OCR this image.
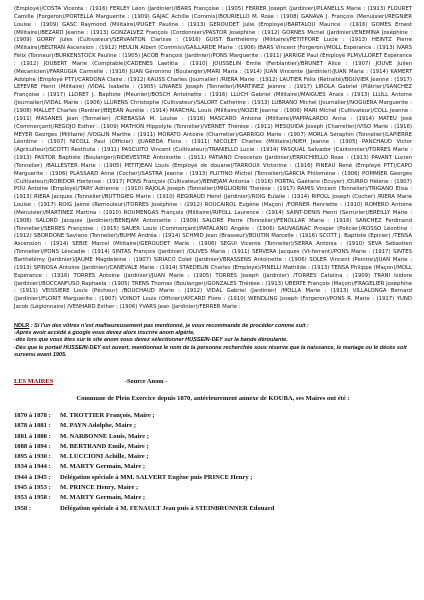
(Employé)/COSTA Vicenta : (1916) FERLEY Léon (Jardinier)/IBARS Françoise : (1905) FERRER Joseph (Jardinier)/PLANELLS Marie : (1913) FLOURET Camille (Forgeron)/PORTELLA Marguerite : (1909) GAJAC Achille (Commis)/BOURIELLO M. Rose : (1908) GANAVA J. François (Menuisier)/REGNIER Louise : (1909) GASC Raymond (Militaire)/PUGET Pauline : (1913) GEROUDET Julie (Employé)/BARTALOU Maurice : (1916) GOMES Ernest (Militaire)/BEZARD Jeanne : (1913) GONZALVEZ François (Cordonnier)/PASTOR Joséphine : (1912) GORNES Michel (Jardinier)/ENEMINA Joséphine : (1909) GORRY Jules (Cultivateur)/SERVANTON Clarisse : (1916) GUIST Barthélémy (Militaire)/PETITPORE Lucie : (1913) HEINTZ Pierre (Militaire)/BELTRAN Ascension : (1912) HEULIN Albert (Commis)/GAILLARDE Marie : (1906) IBARS Vincent (Forgeron)/MOLL Espérance : (1913) IVARS Félix (Tonneur)/BURKENSTOCK Pauline : (1905) JACOB François (Jardinier)/PONS Marguerite : (1911) JARRIGE Paul (Employé PLM)/LLORET Espérance : (1912) JOUBERT Marie (Comptable)/CADENES Laetitia : (1910) JOUSSELIN Emile (Ferblantier)/BRUNET Alice : (1907) JOUVE Julien (Mécanicien)/FARRUGIA Carmelle : (1916) JUAN Géronimo (Boulanger)/MARI Maria : (1914) JUAN Vincente (Jardinier)/JUAN Maria : (1914) KAMERT Adolphe (Employé PTT)/CARDONA Claire : (1912) KAUSS Charles (Journalier) /RIERA Marie : (1912) LAUTIER Félix (Retraité)/BOUVIER Jeanne : (1917) LEFEVRE Henri (Militaire) /VIDAL Isabelle : (1905) LINARES Joseph (Tonnelier)/MARTINEZ Jeanne : (1917) LIROLA Gabriel (Plâtrier)/SANCHEZ Françoise : (1917) LLORET J. Baptiste (Meunier)/BOSCH Antoinette : (1916) LLUCH Gabriel (Militaire)/MAIGUES Anais : (1913) LLULL Antoine (Journalier)/VIDAL Marie : (1906) LLURENS Christophe (Cultivateur)/SALORT Catherine : (1913) LUBRANO Michel (Journalier)/NOGUERA Marguerite : (1908) MALLET Charles (Rentier)/BEJEAN Aurélie : (1914) MARCHAL Louis (Militaire)/NOZIE Jeanne : (1906) MARI Michel (Cultivateur)/COLL Jeanne : (1911) MASANES Jean (Tonnelier) /CREBASSA M. Louise : (1916) MASCARO Antoine (Militaire)/PAPPALARDO Anna : (1914) MATEU José (Commerçant)/REGOJO Esther : (1909) MATHON Hippolyte (Tonnelier)/VERNET Thérèse : (1911) MESQUIDA Joseph (Charretier)/VISO Marie : (1916) MEYER Georges (Militaire) /VOGLIN Marthe : (1911) MORATO Antoine (Charretier)/GARRIGO Marie : (1907) MORLA Séraphin (Tonnelier)/LAPIERRE Léontine : (1907) NICOLL Paul (Officier) /JUAREDA Flora : (1911) NICOLET Charles (Militaire)/NIEH Jeanne : (1905) PANCHAUD Victor (Agriculteur)/SCOTTI Restituta : (1911) PASCUITO Vincent (Cultivateur)/TRANIELLO Lucie : (1914) PASQUAL Salvador (Cantonnier)/TORRES Marie : (1913) PASTOR Baptiste (Boulanger)/RIDEVESTRE Antoinette : (1911) PATIANO Crescenzo (Jardinier)/ERRICHIELLO Rose : (1913) PAVANT Lucien (Tonnelier) /BALLESTER Marie : (1905) PETITJEAN Louis (Employé de douane)/TARROUX Victorine : (1916) PINEAU René (Employé PTT)/CAPO Marguerite : (1906) PLASSARD Anne (Cocher)/SASTRA Jeanne : (1913) PLUTINO Michel (Tonnelier)/GARCIA Philomène : (1906) POMMIER Georges (Cultivateur)/ROBIDOR Hortense : (1917) PONS François (Cultivateur)/BENEJAM Antonia : (1916) PORTAL Gaétano (Ecuyer) /DURRO Hélène : (1907) POU Antoine (Employé)/TARY Adrienne : (1910) RAJOLA Joseph (Tonnelier)/MIGLIORINI Thérèse : (1917) RAMIS Vincent (Tonnelier)/TRIGANO Elisa : (1913) RIERA Jacques (Tonnelier)/BUTTIGIEG Marie : (1910) REGIRAUD Henri (Jardinier)/ROIG Eulalie : (1914) RIPOLL Joseph (Cocher) /RIERA Marie Louise : (1917) ROIG Jaime (Remouleur)/TORRES Joséphine : (1912) ROUCAIROL Eugène (Maçon) /FORNER Henriette : (1910) ROMERO Antoine (Menuisier)/MARTINEZ Martina : (1910) ROUMENGAS François (Militaire)/RIPOLL Laurence : (1914) SAINT-DENIS Henri (Serrurier)/BREILLY Marie : (1908) SALORD Jacques (Jardinier)/BENEJAM Antoinette : (1909) SALORE Pierre (Tonnelier)/FENOLLAR Maria : (1916) SANCHEZ Ferdinand (Tonnelier)/SERRES Françoise : (1915) SAUER Louis (Commerçant)/PATALANO Angèle : (1906) SAUVAGNAC Prosper (Policier)/ROSSO Léontine : (1912) SBORDONE Saviano (Tonnelier)/BUHM Andréa : (1914) SCHMID Jean (Brasseur)/BOUTIN Marcelle : (1916) SCOTT J. Baptiste (Epicier) /TENSA Ascension : (1914) SEBIE Marcel (Militaire)/GEROUDET Marie : (1906) SEGUI Vicente (Tonnelier)/SERRA Antonia : (1910) SEVA Sébastien (Tonnelier)/PONS Léocadie : (1914) SINTAS François (Jardinier) /OLIVES Maria : (1911) SERVERA Jacques (Vt-ferrant)/PONS Marie : (1917) SINTES Barthélémy (Jardinier)/JAUME Magdeleine : (1907) SIRIACO Colet (Jardinier)/BRASSENS Antoinette : (1906) SOLER Vincent (Peintre)/JUAN Marie : (1913) SPINOSA Antoine (Jardinier)/CANEVALE Marie : (1914) STAEDELIN Charles (Employé)/PINELLI Mathilde : (1913) TENSA Philippe (Maçon)/MOLL Espérance : (1916) TORRES Antoine (Jardinier)/JUAN Marie : (1905) TORRES Joseph (Jardinier) /TORRES Catalina : (1909) TRANI Isidore (Jardinier)/BOCCANFUSO Raphaela : (1905) TRENS Thomas (Boulanger)/GONZALES Thérèse : (1913) UBERTE François (Maçon)/FRAGELIER Joséphine : (1911) VEISSIERE Louis (Pêcheur) /BOUCHAUD Marie : (1912) VIDAL Gabriel (Jardinier) /MOLLA Marie : (1913) VILLALONGA Bernard (Jardinier)/FLORIT Marguerite : (1907) VOINOT Louis (Officier)/AYCARD Flore : (1910) WENDLING Joseph (Forgeron)/PONS R. Marie : (1917) YUND Jacob (Légionnaire) /VENHARD Esther : (1906) YVARS Jean (Jardinier)/FERRER Marie :

NDLR : Si l'un des vôtres n'est malheureusement pas mentionné, je vous recommande de procéder comme suit :

-Après avoir accédé à google vous devez alors inscrire anom algérie,

-dès lors que vous êtes sur le site anom vous devez sélectionner HUSSEIN-DEY sur la bande déroulante.

-Dès que le portail HUSSEIN-DEY est ouvert, mentionnez le nom de la personne recherchée sous réserve que la naissance, le mariage ou le décès soit survenu avant 1905.

LES MAIRES	-Source Anom -
Commune de Plein Exercice depuis 1870, antérieurement annexe de KOUBA, ses Maires ont été :
1870 à 1878 : M. TROTTIER François, Maire ;
1878 à 1881 : M. PAYN Adolphe, Maire ;
1881 à 1888 : M. NARBONNE Louis, Maire ;
1888 à 1894 : M. BERTRAND Emile, Maire ;
1895 à 1930 : M. LUCCIONI Achille, Maire ;
1934 à 1944 : M. MARTY Germain, Maire ;
1944 à 1945 : Délégation spéciale à MM. SALVERT Eugène puis PRINCE Henry ;
1945 à 1953 : M. PRINCE Henry, Maire ;
1953 à 1958 : M. MARTY Germain, Maire ;
1958 :	Délégation spéciale à M. FENAULT Jean puis à STEINBRUNNER Edouard
